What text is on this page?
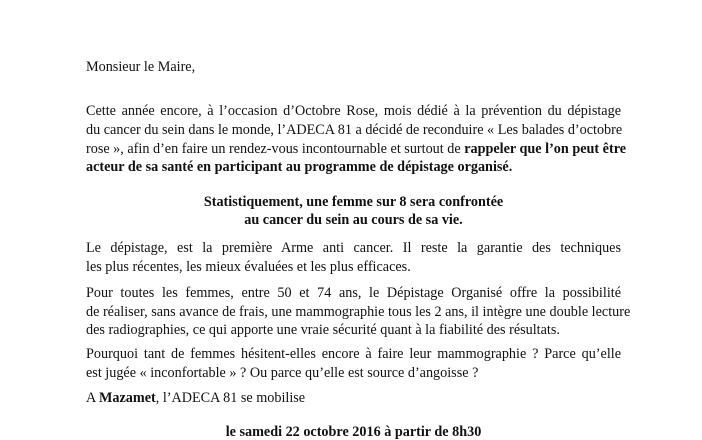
Monsieur le Maire,
Cette année encore, à l’occasion d’Octobre Rose, mois dédié à la prévention du dépistage
du cancer du sein dans le monde, l’ADECA 81 a décidé de reconduire « Les balades d’octobre
rose », afin d’en faire un rendez-vous incontournable et surtout de rappeler que l’on peut être
acteur de sa santé en participant au programme de dépistage organisé.
Statistiquement, une femme sur 8 sera confrontée
au cancer du sein au cours de sa vie.
Le dépistage, est la première Arme anti cancer. Il reste la garantie des techniques
les plus récentes, les mieux évaluées et les plus efficaces.
Pour toutes les femmes, entre 50 et 74 ans, le Dépistage Organisé offre la possibilité
de réaliser, sans avance de frais, une mammographie tous les 2 ans, il intègre une double lecture
des radiographies, ce qui apporte une vraie sécurité quant à la fiabilité des résultats.
Pourquoi tant de femmes hésitent-elles encore à faire leur mammographie ? Parce qu’elle
est jugée « inconfortable » ? Ou parce qu’elle est source d’angoisse ?
A Mazamet, l’ADECA 81 se mobilise
le samedi 22 octobre 2016 à partir de 8h30
